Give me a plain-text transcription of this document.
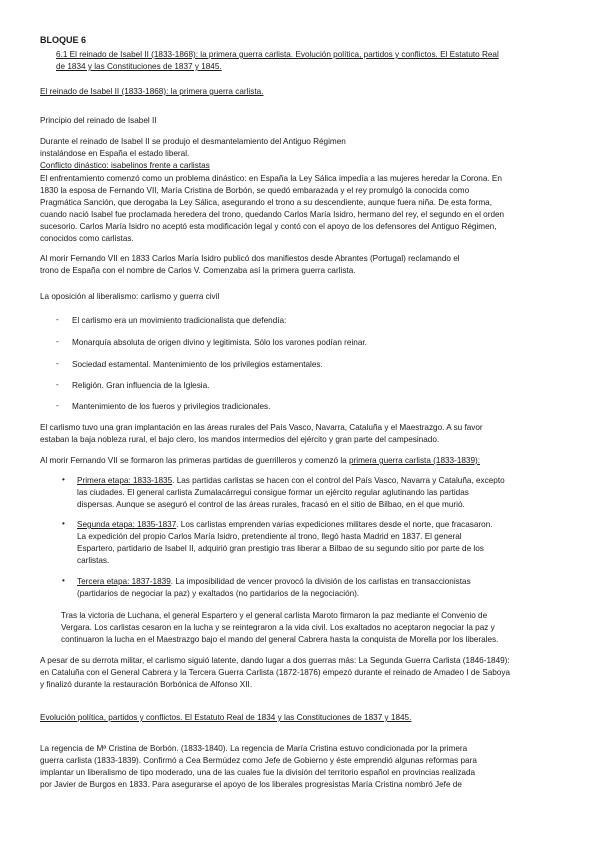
BLOQUE 6
6.1 El reinado de Isabel II (1833-1868): la primera guerra carlista. Evolución política, partidos y conflictos. El Estatuto Real
de 1834 y las Constituciones de 1837 y 1845.
El reinado de Isabel II (1833-1868): la primera guerra carlista.
Principio del reinado de Isabel II
Durante el reinado de Isabel II se produjo el desmantelamiento del Antiguo Régimen
instalándose en España el estado liberal.
Conflicto dinástico: isabelinos frente a carlistas
El enfrentamiento comenzó como un problema dinástico: en España la Ley Sálica impedía a las mujeres heredar la Corona. En
1830 la esposa de Fernando VII, María Cristina de Borbón, se quedó embarazada y el rey promulgó la conocida como
Pragmática Sanción, que derogaba la Ley Sálica, asegurando el trono a su descendiente, aunque fuera niña. De esta forma,
cuando nació Isabel fue proclamada heredera del trono, quedando Carlos María Isidro, hermano del rey, el segundo en el orden
sucesorio. Carlos María Isidro no aceptó esta modificación legal y contó con el apoyo de los defensores del Antiguo Régimen,
conocidos como carlistas.
Al morir Fernando VII en 1833 Carlos María Isidro publicó dos manifiestos desde Abrantes (Portugal) reclamando el
trono de España con el nombre de Carlos V. Comenzaba así la primera guerra carlista.
La oposición al liberalismo: carlismo y guerra civil
- El carlismo era un movimiento tradicionalista que defendía:
- Monarquía absoluta de origen divino y legitimista. Sólo los varones podían reinar.
- Sociedad estamental. Mantenimiento de los privilegios estamentales.
- Religión. Gran influencia de la Iglesia.
- Mantenimiento de los fueros y privilegios tradicionales.
El carlismo tuvo una gran implantación en las áreas rurales del País Vasco, Navarra, Cataluña y el Maestrazgo. A su favor
estaban la baja nobleza rural, el bajo clero, los mandos intermedios del ejército y gran parte del campesinado.
Al morir Fernando VII se formaron las primeras partidas de guerrilleros y comenzó la primera guerra carlista (1833-1839):
• Primera etapa: 1833-1835. Las partidas carlistas se hacen con el control del País Vasco, Navarra y Cataluña, excepto
las ciudades. El general carlista Zumalacárregui consigue formar un ejército regular aglutinando las partidas
dispersas. Aunque se aseguró el control de las áreas rurales, fracasó en el sitio de Bilbao, en el que murió.
• Segunda etapa: 1835-1837. Los carlistas emprenden varias expediciones militares desde el norte, que fracasaron.
La expedición del propio Carlos María Isidro, pretendiente al trono, llegó hasta Madrid en 1837. El general
Espartero, partidario de Isabel II, adquirió gran prestigio tras liberar a Bilbao de su segundo sitio por parte de los
carlistas.
• Tercera etapa: 1837-1839. La imposibilidad de vencer provocó la división de los carlistas en transaccionistas
(partidarios de negociar la paz) y exaltados (no partidarios de la negociación).
Tras la victoria de Luchana, el general Espartero y el general carlista Maroto firmaron la paz mediante el Convenio de
Vergara. Los carlistas cesaron en la lucha y se reintegraron a la vida civil. Los exaltados no aceptaron negociar la paz y
continuaron la lucha en el Maestrazgo bajo el mando del general Cabrera hasta la conquista de Morella por los liberales.
A pesar de su derrota militar, el carlismo siguió latente, dando lugar a dos guerras más: La Segunda Guerra Carlista (1846-1849):
en Cataluña con el General Cabrera y la Tercera Guerra Carlista (1872-1876) empezó durante el reinado de Amadeo I de Saboya
y finalizó durante la restauración Borbónica de Alfonso XII.
Evolución política, partidos y conflictos. El Estatuto Real de 1834 y las Constituciones de 1837 y 1845.
La regencia de Mª Cristina de Borbón. (1833-1840). La regencia de María Cristina estuvo condicionada por la primera
guerra carlista (1833-1839). Confirmó a Cea Bermúdez como Jefe de Gobierno y éste emprendió algunas reformas para
implantar un liberalismo de tipo moderado, una de las cuales fue la división del territorio español en provincias realizada
por Javier de Burgos en 1833. Para asegurarse el apoyo de los liberales progresistas María Cristina nombró Jefe de
